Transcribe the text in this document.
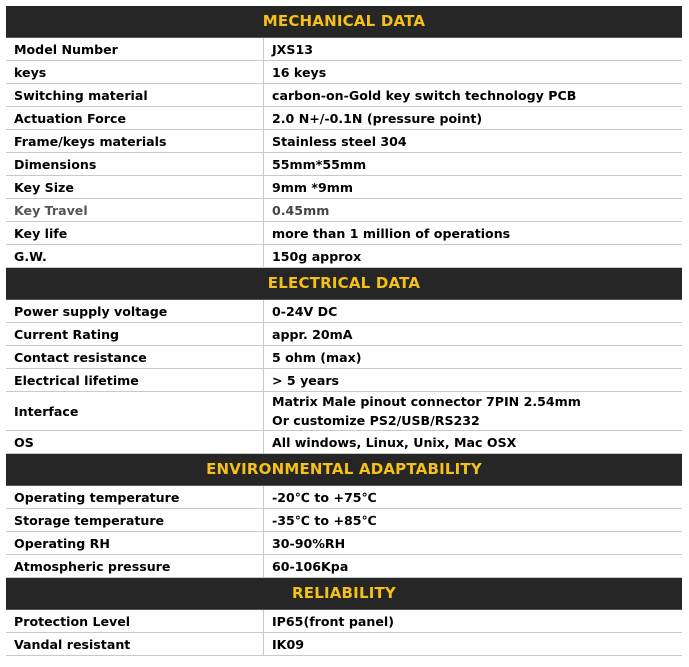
MECHANICAL DATA
Model Number	JXS13
keys	16 keys
Switching material	carbon-on-Gold key switch technology PCB
Actuation Force	2.0 N+/-0.1N (pressure point)
Frame/keys materials	Stainless steel 304
Dimensions	55mm*55mm
Key Size	9mm *9mm
Key Travel	0.45mm
Key life	more than 1 million of operations
G.W.	150g approx
ELECTRICAL DATA
Power supply voltage	0-24V DC
Current Rating	appr. 20mA
Contact resistance	5 ohm (max)
Electrical lifetime	> 5 years
Interface	Matrix Male pinout connector 7PIN 2.54mm
Or customize PS2/USB/RS232

OS	All windows, Linux, Unix, Mac OSX
ENVIRONMENTAL ADAPTABILITY
Operating temperature	-20℃ to +75℃
Storage temperature	-35℃ to +85℃
Operating RH	30-90%RH
Atmospheric pressure	60-106Kpa
RELIABILITY
Protection Level	IP65(front panel)
Vandal resistant	IK09
